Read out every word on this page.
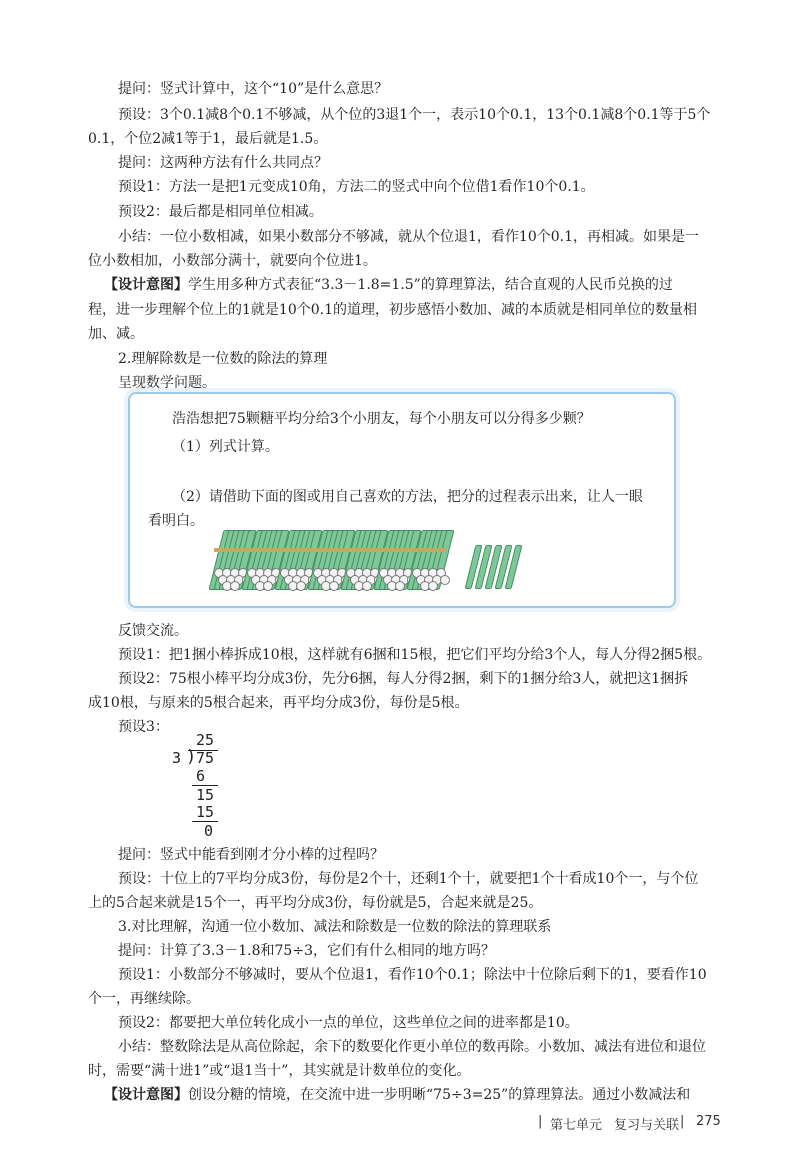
提问：竖式计算中，这个“10”是什么意思？
预设：3个0.1减8个0.1不够减，从个位的3退1个一，表示10个0.1，13个0.1减8个0.1等于5个
0.1，个位2减1等于1，最后就是1.5。
提问：这两种方法有什么共同点？
预设1：方法一是把1元变成10角，方法二的竖式中向个位借1看作10个0.1。
预设2：最后都是相同单位相减。
小结：一位小数相减，如果小数部分不够减，就从个位退1，看作10个0.1，再相减。如果是一
位小数相加，小数部分满十，就要向个位进1。
【设计意图】学生用多种方式表征“3.3－1.8=1.5”的算理算法，结合直观的人民币兑换的过
程，进一步理解个位上的1就是10个0.1的道理，初步感悟小数加、减的本质就是相同单位的数量相
加、减。
2.理解除数是一位数的除法的算理
呈现数学问题。
浩浩想把75颗糖平均分给3个小朋友，每个小朋友可以分得多少颗？
（1）列式计算。
（2）请借助下面的图或用自己喜欢的方法，把分的过程表示出来，让人一眼
看明白。
反馈交流。
预设1：把1捆小棒拆成10根，这样就有6捆和15根，把它们平均分给3个人，每人分得2捆5根。
预设2：75根小棒平均分成3份，先分6捆，每人分得2捆，剩下的1捆分给3人，就把这1捆拆
成10根，与原来的5根合起来，再平均分成3份，每份是5根。
预设3：
25
3 ) 75
6
15
15
0
提问：竖式中能看到刚才分小棒的过程吗？
预设：十位上的7平均分成3份，每份是2个十，还剩1个十，就要把1个十看成10个一，与个位
上的5合起来就是15个一，再平均分成3份，每份就是5，合起来就是25。
3.对比理解，沟通一位小数加、减法和除数是一位数的除法的算理联系
提问：计算了3.3－1.8和75÷3，它们有什么相同的地方吗？
预设1：小数部分不够减时，要从个位退1，看作10个0.1；除法中十位除后剩下的1，要看作10
个一，再继续除。
预设2：都要把大单位转化成小一点的单位，这些单位之间的进率都是10。
小结：整数除法是从高位除起，余下的数要化作更小单位的数再除。小数加、减法有进位和退位
时，需要“满十进1”或“退1当十”，其实就是计数单位的变化。
【设计意图】创设分糖的情境，在交流中进一步明晰“75÷3=25”的算理算法。通过小数减法和
| 第七单元 复习与关联 | 275
